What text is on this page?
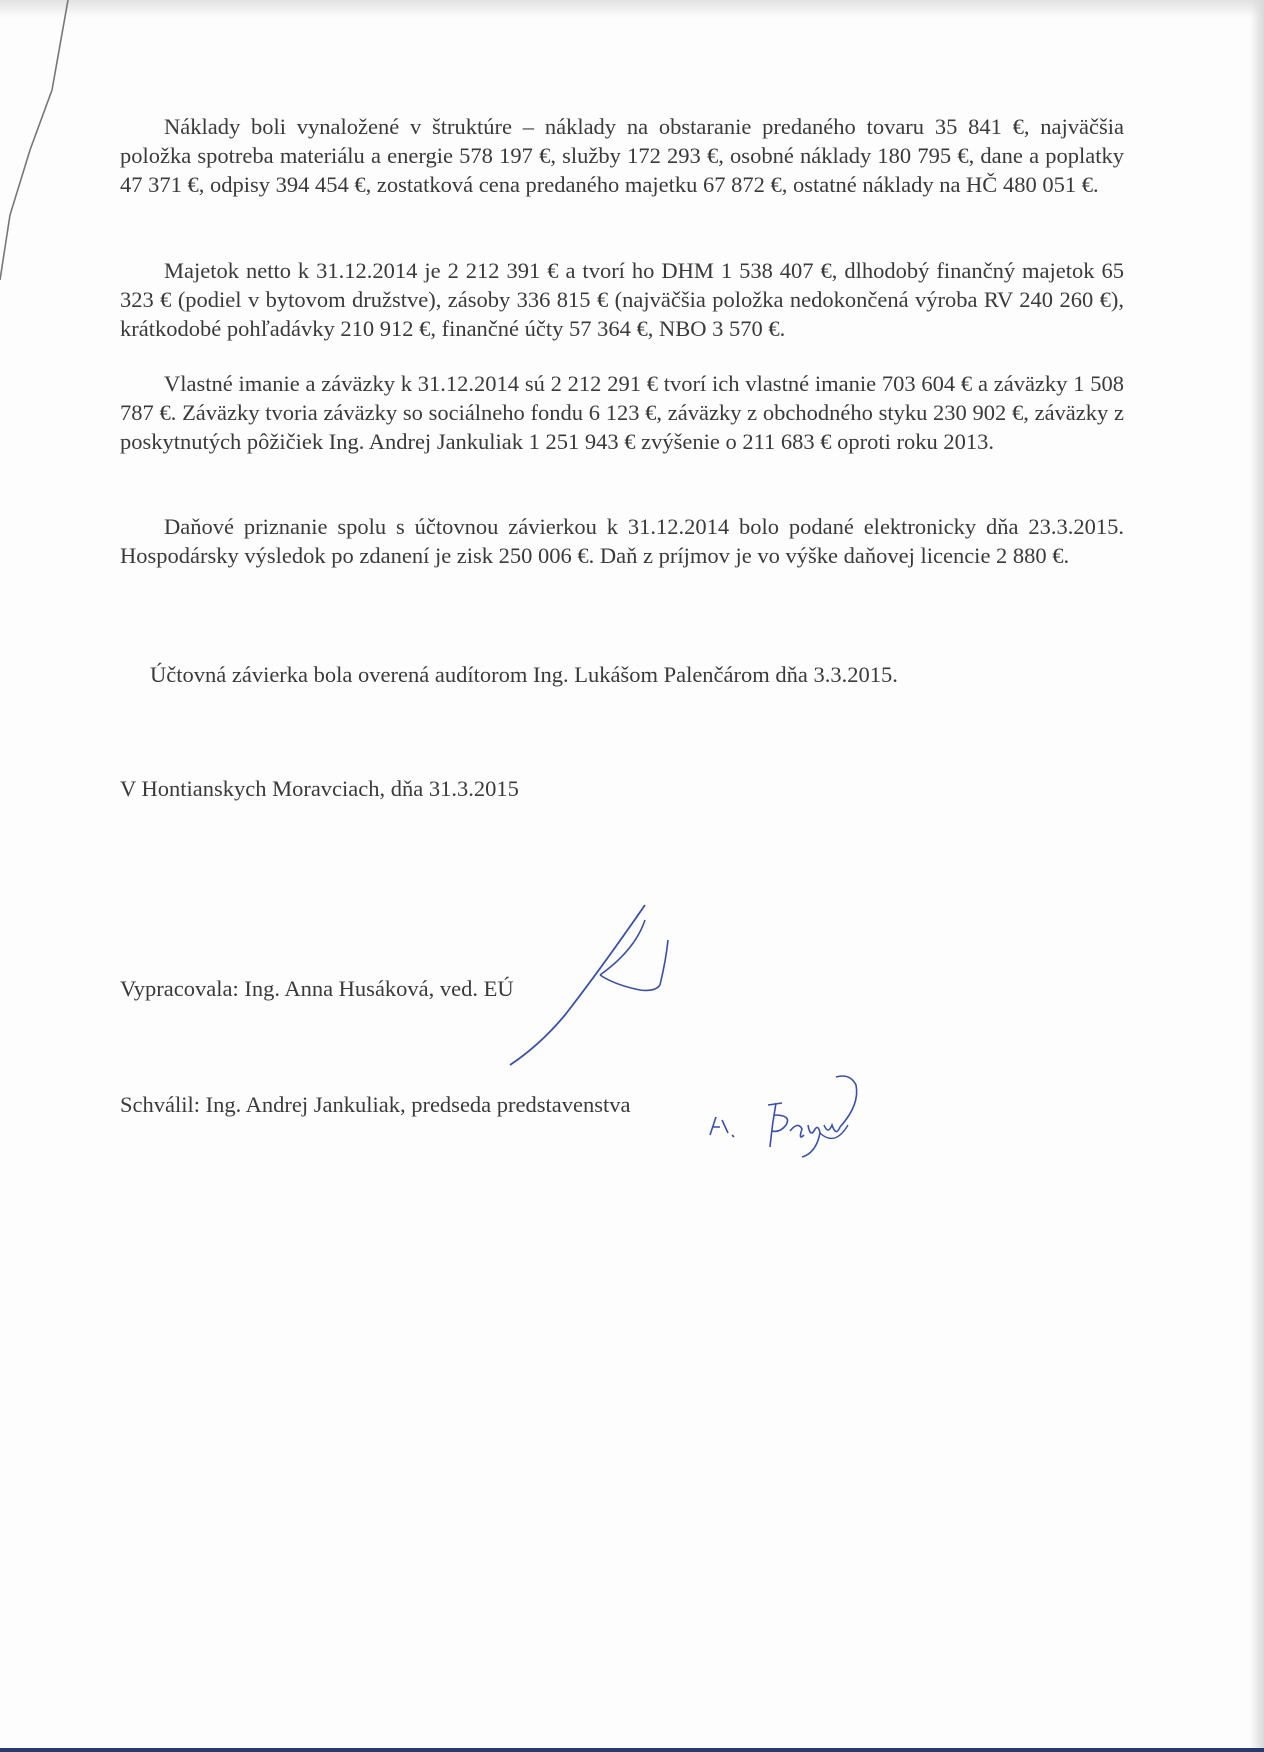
Náklady boli vynaložené v štruktúre – náklady na obstaranie predaného tovaru 35 841 €, najväčšia položka spotreba materiálu a energie 578 197 €, služby 172 293 €, osobné náklady 180 795 €, dane a poplatky 47 371 €, odpisy 394 454 €, zostatková cena predaného majetku 67 872 €, ostatné náklady na HČ 480 051 €.

Majetok netto k 31.12.2014 je 2 212 391 € a tvorí ho DHM 1 538 407 €, dlhodobý finančný majetok 65 323 € (podiel v bytovom družstve), zásoby 336 815 € (najväčšia položka nedokončená výroba RV 240 260 €), krátkodobé pohľadávky 210 912 €, finančné účty 57 364 €, NBO 3 570 €.

Vlastné imanie a záväzky k 31.12.2014 sú 2 212 291 € tvorí ich vlastné imanie 703 604 € a záväzky 1 508 787 €. Záväzky tvoria záväzky so sociálneho fondu 6 123 €, záväzky z obchodného styku 230 902 €, záväzky z poskytnutých pôžičiek Ing. Andrej Jankuliak 1 251 943 € zvýšenie o 211 683 € oproti roku 2013.

Daňové priznanie spolu s účtovnou závierkou k 31.12.2014 bolo podané elektronicky dňa 23.3.2015. Hospodársky výsledok po zdanení je zisk 250 006 €. Daň z príjmov je vo výške daňovej licencie 2 880 €.

Účtovná závierka bola overená audítorom Ing. Lukášom Palenčárom dňa 3.3.2015.

V Hontianskych Moravciach, dňa 31.3.2015

Vypracovala: Ing. Anna Husáková, ved. EÚ

Schválil: Ing. Andrej Jankuliak, predseda predstavenstva
